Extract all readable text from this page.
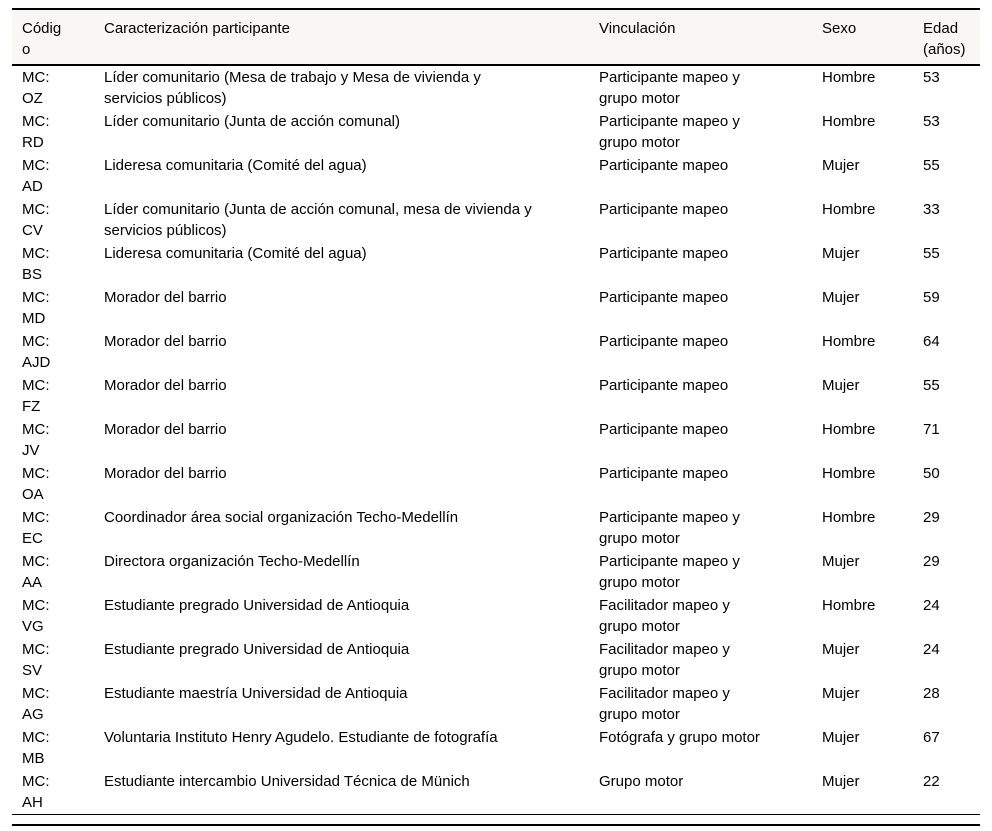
Código	Caracterización participante	Vinculación	Sexo	Edad (años)
MC: OZ	Líder comunitario (Mesa de trabajo y Mesa de vivienda y servicios públicos)	Participante mapeo y grupo motor	Hombre	53
MC: RD	Líder comunitario (Junta de acción comunal)	Participante mapeo y grupo motor	Hombre	53
MC: AD	Lideresa comunitaria (Comité del agua)	Participante mapeo	Mujer	55
MC: CV	Líder comunitario (Junta de acción comunal, mesa de vivienda y servicios públicos)	Participante mapeo	Hombre	33
MC: BS	Lideresa comunitaria (Comité del agua)	Participante mapeo	Mujer	55
MC: MD	Morador del barrio	Participante mapeo	Mujer	59
MC: AJD	Morador del barrio	Participante mapeo	Hombre	64
MC: FZ	Morador del barrio	Participante mapeo	Mujer	55
MC: JV	Morador del barrio	Participante mapeo	Hombre	71
MC: OA	Morador del barrio	Participante mapeo	Hombre	50
MC: EC	Coordinador área social organización Techo-Medellín	Participante mapeo y grupo motor	Hombre	29
MC: AA	Directora organización Techo-Medellín	Participante mapeo y grupo motor	Mujer	29
MC: VG	Estudiante pregrado Universidad de Antioquia	Facilitador mapeo y grupo motor	Hombre	24
MC: SV	Estudiante pregrado Universidad de Antioquia	Facilitador mapeo y grupo motor	Mujer	24
MC: AG	Estudiante maestría Universidad de Antioquia	Facilitador mapeo y grupo motor	Mujer	28
MC: MB	Voluntaria Instituto Henry Agudelo. Estudiante de fotografía	Fotógrafa y grupo motor	Mujer	67
MC: AH	Estudiante intercambio Universidad Técnica de Münich	Grupo motor	Mujer	22
